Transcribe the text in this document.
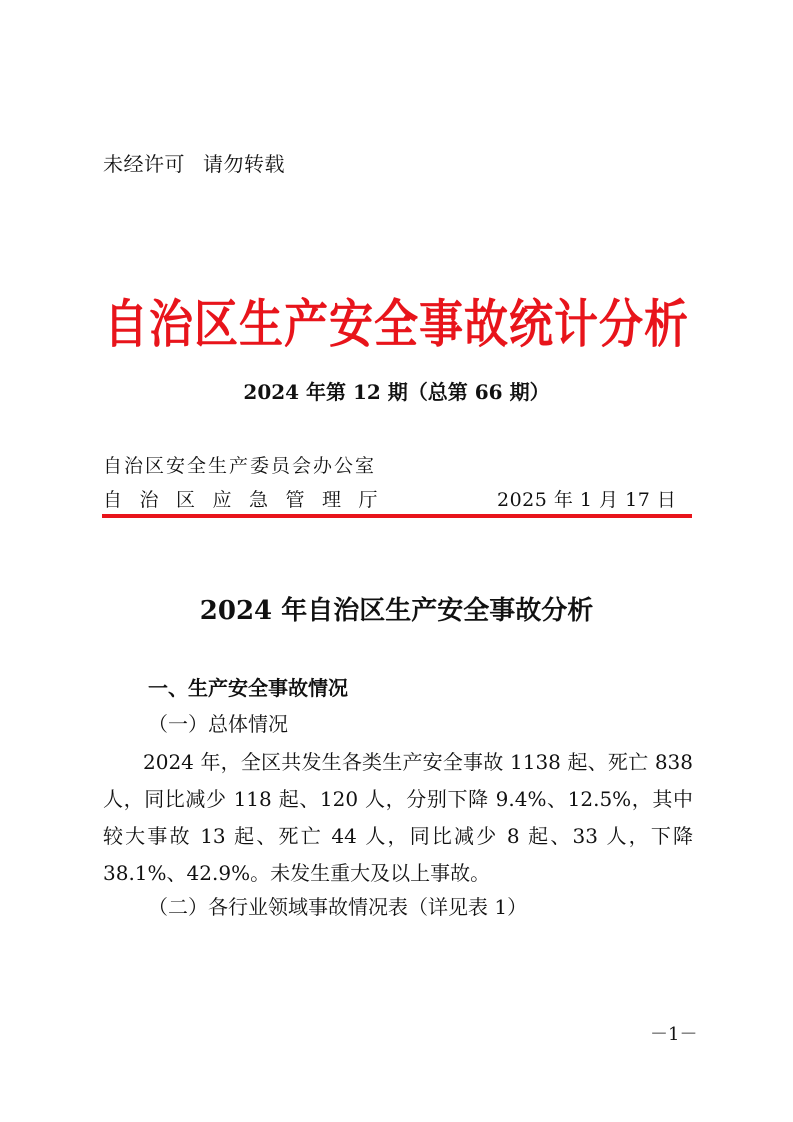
未经许可 请勿转载
自治区生产安全事故统计分析
2024 年第 12 期（总第 66 期）
自治区安全生产委员会办公室
自治区应急管理厅	2025 年 1 月 17 日
2024 年自治区生产安全事故分析
一、生产安全事故情况
（一）总体情况
2024 年，全区共发生各类生产安全事故 1138 起、死亡 838 人，同比减少 118 起、120 人，分别下降 9.4%、12.5%，其中较大事故 13 起、死亡 44 人，同比减少 8 起、33 人，下降 38.1%、42.9%。未发生重大及以上事故。
（二）各行业领域事故情况表（详见表 1）
－1－
